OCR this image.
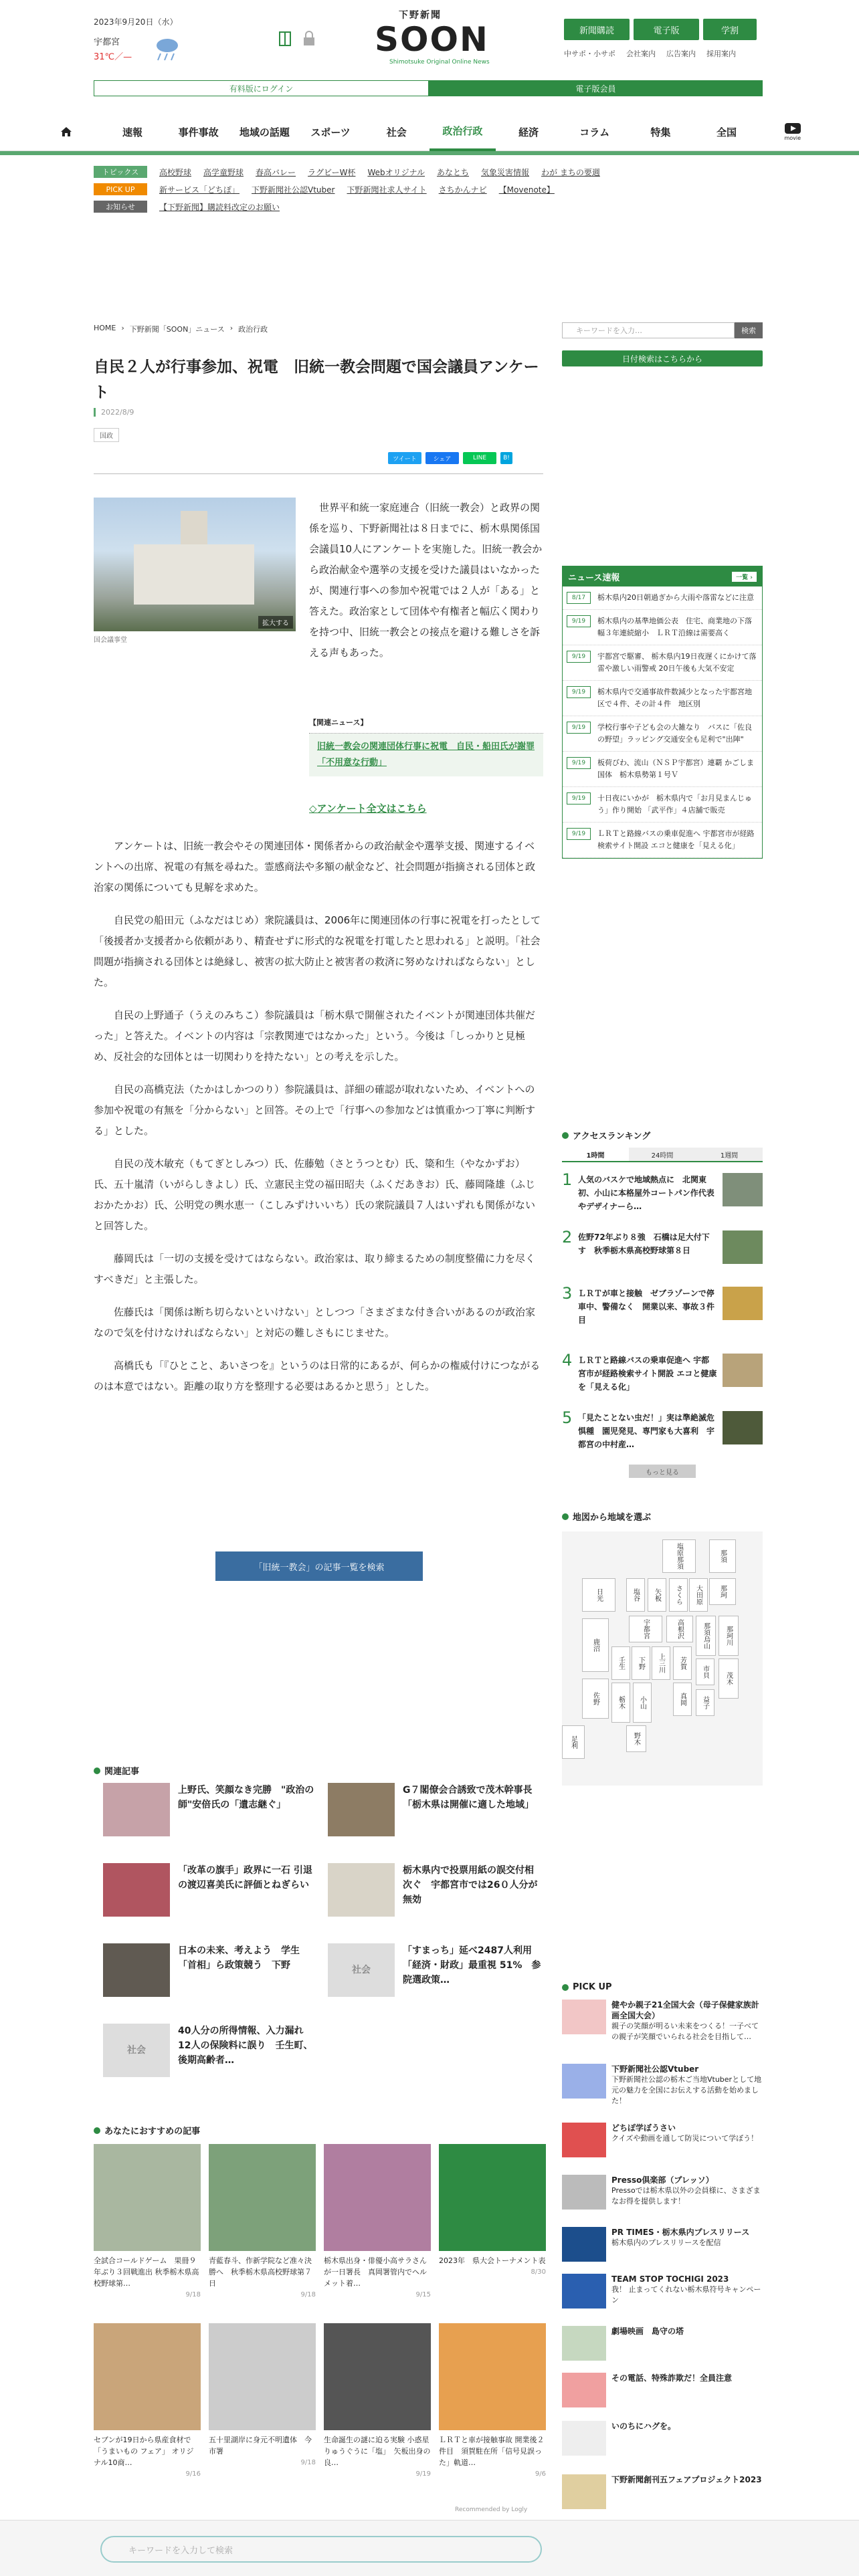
2023年9月20日（水）
宇都宮
31℃／—
下野新聞
SOON
Shimotsuke Original Online News
新聞購読	電子版	学割
中サポ・小サポ 会社案内 広告案内 採用案内
有料版にログイン	電子版会員
速報	事件事故	地域の話題	スポーツ	社会	政治行政	経済	コラム	特集	全国	movie
トピックス	高校野球 高学童野球 春高バレー ラグビーW杯 Webオリジナル あなとち 気象災害情報 わが まちの要週
PICK UP	新サービス「どちぽ」 下野新聞社公認Vtuber 下野新聞社求人サイト さちかんナビ 【Movenote】
お知らせ	【下野新聞】購読料改定のお願い
HOME › 下野新聞「SOON」ニュース › 政治行政	キーワードを入力…	検索
日付検索はこちらから
自民２人が行事参加、祝電　旧統一教会問題で国会議員アンケート
2022/8/9
国政
ツイート	シェア	LINE	B!
拡大する
国会議事堂

世界平和統一家庭連合（旧統一教会）と政界の関係を巡り、下野新聞社は８日までに、栃木県関係国会議員10人にアンケートを実施した。旧統一教会から政治献金や選挙の支援を受けた議員はいなかったが、関連行事への参加や祝電では２人が「ある」と答えた。政治家として団体や有権者と幅広く関わりを持つ中、旧統一教会との接点を避ける難しさを訴える声もあった。

【関連ニュース】
旧統一教会の関連団体行事に祝電　自民・船田氏が謝罪「不用意な行動」
◇アンケート全文はこちら

アンケートは、旧統一教会やその関連団体・関係者からの政治献金や選挙支援、関連するイベントへの出席、祝電の有無を尋ねた。霊感商法や多額の献金など、社会問題が指摘される団体と政治家の関係についても見解を求めた。

自民党の船田元（ふなだはじめ）衆院議員は、2006年に関連団体の行事に祝電を打ったとして「後援者か支援者から依頼があり、精査せずに形式的な祝電を打電したと思われる」と説明。「社会問題が指摘される団体とは絶縁し、被害の拡大防止と被害者の救済に努めなければならない」とした。

自民の上野通子（うえのみちこ）参院議員は「栃木県で開催されたイベントが関連団体共催だった」と答えた。イベントの内容は「宗教関連ではなかった」という。今後は「しっかりと見極め、反社会的な団体とは一切関わりを持たない」との考えを示した。

自民の高橋克法（たかはしかつのり）参院議員は、詳細の確認が取れないため、イベントへの参加や祝電の有無を「分からない」と回答。その上で「行事への参加などは慎重かつ丁寧に判断する」とした。

自民の茂木敏充（もてぎとしみつ）氏、佐藤勉（さとうつとむ）氏、簗和生（やなかずお）氏、五十嵐清（いがらしきよし）氏、立憲民主党の福田昭夫（ふくだあきお）氏、藤岡隆雄（ふじおかたかお）氏、公明党の輿水恵一（こしみずけいいち）氏の衆院議員７人はいずれも関係がないと回答した。

藤岡氏は「一切の支援を受けてはならない。政治家は、取り締まるための制度整備に力を尽くすべきだ」と主張した。

佐藤氏は「関係は断ち切らないといけない」としつつ「さまざまな付き合いがあるのが政治家なので気を付けなければならない」と対応の難しさもにじませた。

高橋氏も「『ひとこと、あいさつを』というのは日常的にあるが、何らかの権威付けにつながるのは本意ではない。距離の取り方を整理する必要はあるかと思う」とした。

「旧統一教会」の記事一覧を検索
ニュース速報	一覧 ›
8/17	栃木県内20日朝過ぎから大雨や落雷などに注意
9/19	栃木県内の基準地価公表　住宅、商業地の下落幅３年連続縮小　ＬＲＴ沿線は需要高く
9/19	宇都宮で駆審、 栃木県内19日夜遅くにかけて落雷や激しい雨警戒 20日午後も大気不安定
9/19	栃木県内で交通事故件数減少となった宇都宮地区で４件、その計４件　地区別
9/19	学校行事や子ども会の大雑なり　バスに「佐良の野望」ラッピング交通安全も足利で"出陣"
9/19	板荷びわ、流山（ＮＳＰ宇都宮）連覇 かごしま国体　栃木県勢第１号Ｖ
9/19	十日夜にいかが　栃木県内で「お月見まんじゅう」作り開始 「武平作」４店舗で販売
9/19	ＬＲＴと路線バスの乗車促進へ 宇都宮市が経路検索サイト開設 エコと健康を「見える化」
アクセスランキング
1時間	24時間	1週間
1 人気のバスケで地域熱点に　北関東初、小山に本格屋外コートパン作代表やデザイナーら…
2 佐野72年ぶり８強　石橋は足大付下す　秋季栃木県高校野球第８日
3 ＬＲＴが車と接触　ゼブラゾーンで停車中、警備なく　開業以来、事故３件目
4 ＬＲＴと路線バスの乗車促進へ 宇都宮市が経路検索サイト開設 エコと健康を「見える化」
5 「見たことない虫だ！」実は準絶滅危惧種　園児発見、専門家も大喜利　宇都宮の中村産…
もっと見る
地図から地域を選ぶ
塩原那須	那須
那珂
日光	塩谷	矢板	さくら	大田原
宇都宮	高根沢	那須烏山	那珂川
鹿沼
上三川	芳賀
市貝	茂木
壬生	下野
真岡	益子
佐野	栃木	小山
野木
足利
関連記事
上野氏、笑顔なき完勝　"政治の師"安倍氏の「遺志継ぐ」
G７閣僚会合誘致で茂木幹事長「栃木県は開催に適した地域」
「改革の旗手」政界に一石 引退の渡辺喜美氏に評価とねぎらい
栃木県内で投票用紙の誤交付相次ぐ　宇都宮市では26０人分が無効
日本の未来、考えよう　学生「首相」ら政策競う　下野	社会
「すまっち」延べ2487人利用「経済・財政」最重視 51%　参院選政策…
社会
40人分の所得情報、入力漏れ　12人の保険料に誤り　壬生町、後期高齢者…
あなたにおすすめの記事
全試合コールドゲーム　果冊９年ぶり３回戦進出 秋季栃木県高校野球第…
9/18
青藍春斗、作新学院など准々決勝へ　秋季栃木県高校野球第７日
9/18
栃木県出身・俳優小高サラさんが一日署長　真岡署管内でヘルメット着…
9/15
2023年　県大会トーナメント表
8/30
セブンが19日から県産食材で「うまいもの フェア」 オリジナル10商…
9/16
五十里湖岸に身元不明遺体　今市署
9/18
生命誕生の謎に迫る実験 小惑星りゅうぐうに「塩」　矢板出身の良…
9/19
ＬＲＴと車が接触事故 開業後２件目　須賀駐在所「信号見誤った」軌道…
9/6
Recommended by Logly
PICK UP
健やか親子21全国大会（母子保健家族計画全国大会）
親子の笑顔が明るい未来をつくる！一子べての親子が笑顔でいられる社会を目指して…
下野新聞社公認Vtuber
下野新聞社公認の栃木ご当地Vtuberとして地元の魅力を全国にお伝えする活動を始めました！
どちぽ学ぼうさい
クイズや動画を通して防災について学ぼう！
Presso倶楽部（プレッソ）
Pressoでは栃木県以外の会員様に、さまざまなお得を提供します！
PR TIMES・栃木県内プレスリリース
栃木県内のプレスリリースを配信
TEAM STOP TOCHIGI 2023
我！ 止まってくれない栃木県符号キャンペーン
劇場映画　島守の塔
その電話、特殊詐欺だ！全員注意
いのちにハグを。
下野新聞創刊五フェアプロジェクト2023
キーワードを入力して検索
